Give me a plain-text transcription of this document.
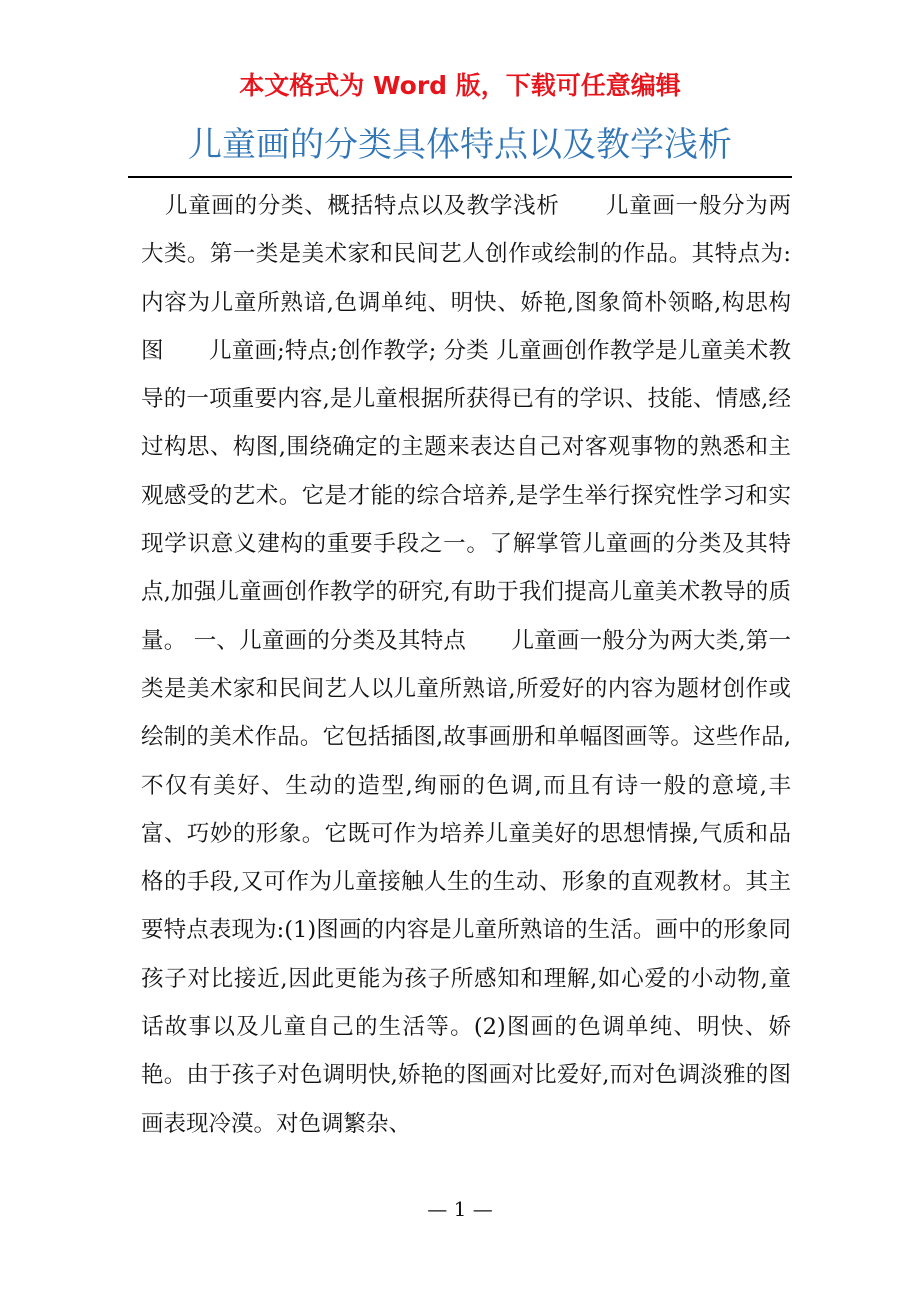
本文格式为 Word 版，下载可任意编辑
儿童画的分类具体特点以及教学浅析

儿童画的分类、概括特点以及教学浅析　　儿童画一般分为两大类。第一类是美术家和民间艺人创作或绘制的作品。其特点为:内容为儿童所熟谙,色调单纯、明快、娇艳,图象简朴领略,构思构图　　儿童画;特点;创作教学; 分类 儿童画创作教学是儿童美术教导的一项重要内容,是儿童根据所获得已有的学识、技能、情感,经过构思、构图,围绕确定的主题来表达自己对客观事物的熟悉和主观感受的艺术。它是才能的综合培养,是学生举行探究性学习和实现学识意义建构的重要手段之一。了解掌管儿童画的分类及其特点,加强儿童画创作教学的研究,有助于我们提高儿童美术教导的质量。 一、儿童画的分类及其特点　　儿童画一般分为两大类,第一类是美术家和民间艺人以儿童所熟谙,所爱好的内容为题材创作或绘制的美术作品。它包括插图,故事画册和单幅图画等。这些作品,不仅有美好、生动的造型,绚丽的色调,而且有诗一般的意境,丰富、巧妙的形象。它既可作为培养儿童美好的思想情操,气质和品格的手段,又可作为儿童接触人生的生动、形象的直观教材。其主要特点表现为:(1)图画的内容是儿童所熟谙的生活。画中的形象同孩子对比接近,因此更能为孩子所感知和理解,如心爱的小动物,童话故事以及儿童自己的生活等。(2)图画的色调单纯、明快、娇艳。由于孩子对色调明快,娇艳的图画对比爱好,而对色调淡雅的图画表现冷漠。对色调繁杂、

— 1 —
